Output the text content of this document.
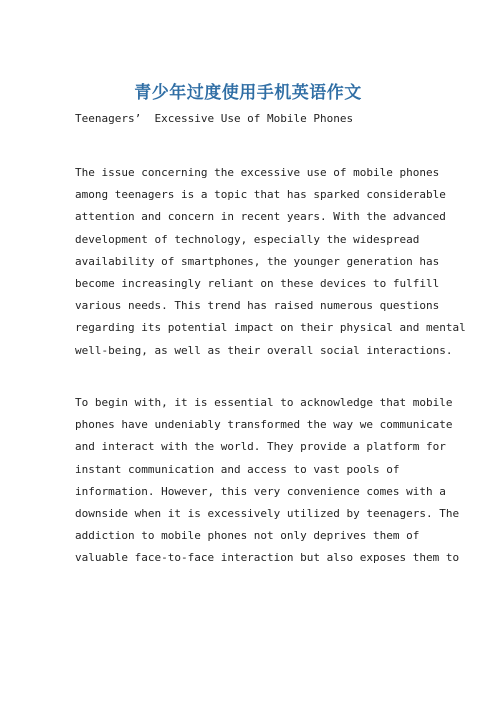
青少年过度使用手机英语作文
Teenagers’  Excessive Use of Mobile Phones
The issue concerning the excessive use of mobile phones
among teenagers is a topic that has sparked considerable
attention and concern in recent years. With the advanced
development of technology, especially the widespread
availability of smartphones, the younger generation has
become increasingly reliant on these devices to fulfill
various needs. This trend has raised numerous questions
regarding its potential impact on their physical and mental
well-being, as well as their overall social interactions.
To begin with, it is essential to acknowledge that mobile
phones have undeniably transformed the way we communicate
and interact with the world. They provide a platform for
instant communication and access to vast pools of
information. However, this very convenience comes with a
downside when it is excessively utilized by teenagers. The
addiction to mobile phones not only deprives them of
valuable face-to-face interaction but also exposes them to
